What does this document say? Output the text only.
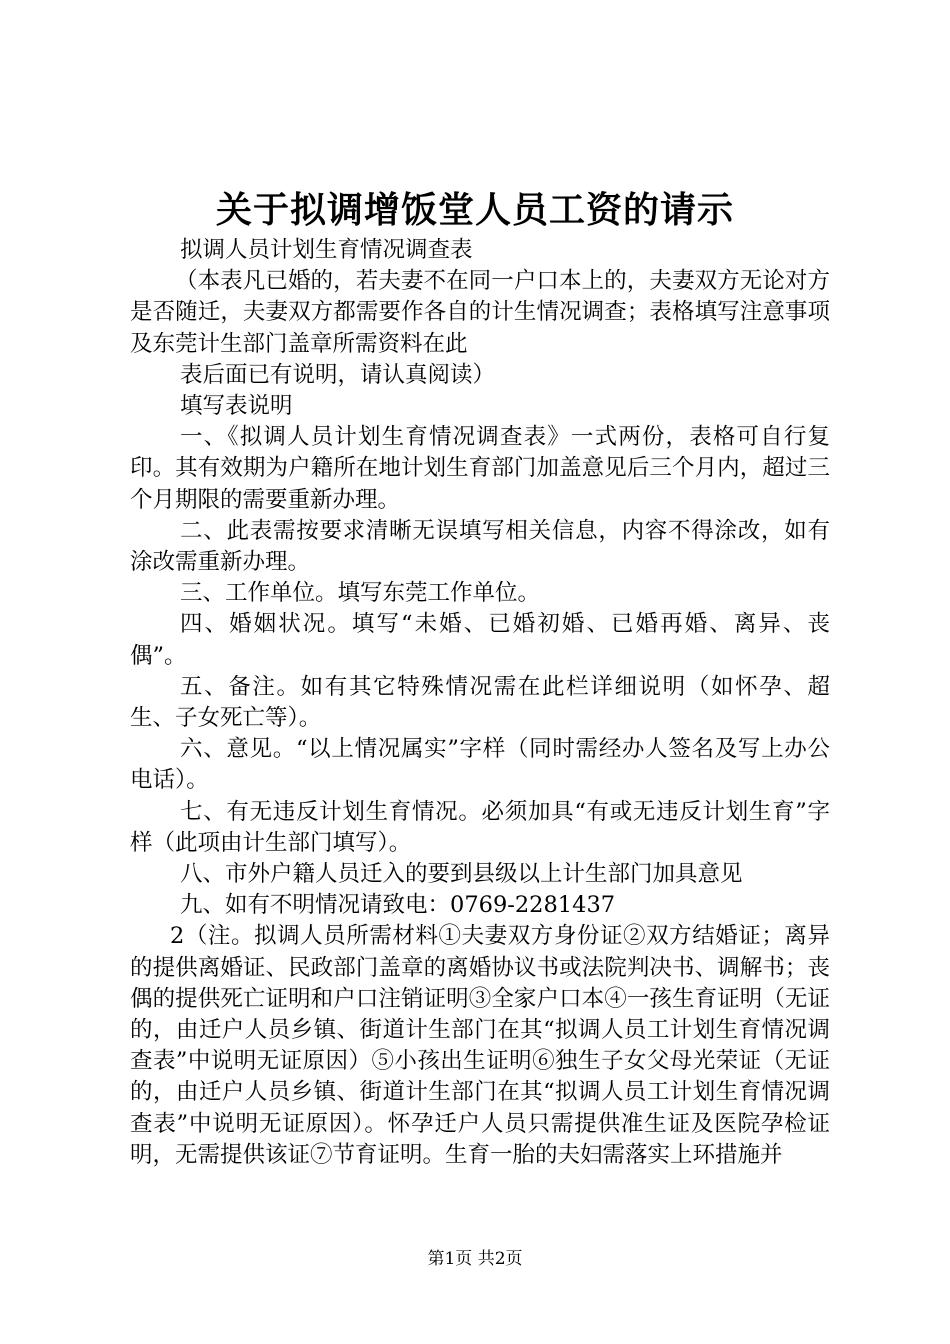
关于拟调增饭堂人员工资的请示

拟调人员计划生育情况调查表

（本表凡已婚的，若夫妻不在同一户口本上的，夫妻双方无论对方是否随迁，夫妻双方都需要作各自的计生情况调查；表格填写注意事项及东莞计生部门盖章所需资料在此

表后面已有说明，请认真阅读）

填写表说明

一、《拟调人员计划生育情况调查表》一式两份，表格可自行复印。其有效期为户籍所在地计划生育部门加盖意见后三个月内，超过三个月期限的需要重新办理。

二、此表需按要求清晰无误填写相关信息，内容不得涂改，如有涂改需重新办理。

三、工作单位。填写东莞工作单位。

四、婚姻状况。填写“未婚、已婚初婚、已婚再婚、离异、丧偶”。

五、备注。如有其它特殊情况需在此栏详细说明（如怀孕、超生、子女死亡等）。

六、意见。“以上情况属实”字样（同时需经办人签名及写上办公电话）。

七、有无违反计划生育情况。必须加具“有或无违反计划生育”字样（此项由计生部门填写）。

八、市外户籍人员迁入的要到县级以上计生部门加具意见

九、如有不明情况请致电：0769-2281437

2（注。拟调人员所需材料①夫妻双方身份证②双方结婚证；离异的提供离婚证、民政部门盖章的离婚协议书或法院判决书、调解书；丧偶的提供死亡证明和户口注销证明③全家户口本④一孩生育证明（无证的，由迁户人员乡镇、街道计生部门在其“拟调人员工计划生育情况调查表”中说明无证原因）⑤小孩出生证明⑥独生子女父母光荣证（无证的，由迁户人员乡镇、街道计生部门在其“拟调人员工计划生育情况调查表”中说明无证原因）。怀孕迁户人员只需提供准生证及医院孕检证明，无需提供该证⑦节育证明。生育一胎的夫妇需落实上环措施并

第1页 共2页
